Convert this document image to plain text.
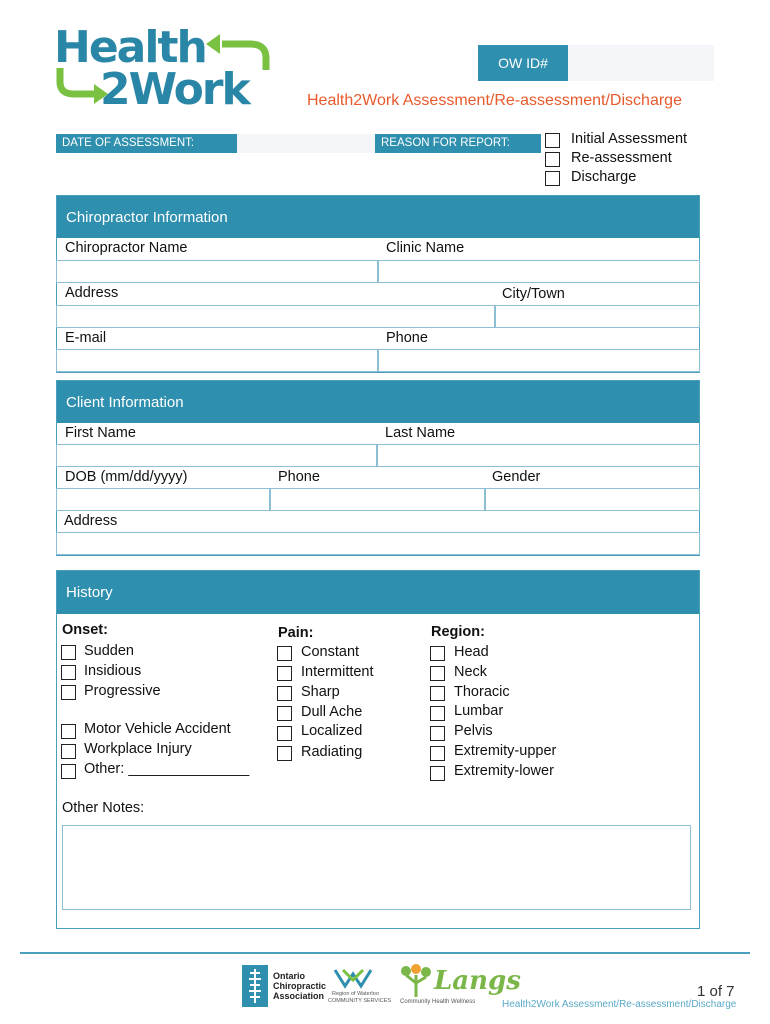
Health
2Work
OW ID#
Health2Work Assessment/Re-assessment/Discharge
DATE OF ASSESSMENT:	REASON FOR REPORT:	Initial Assessment
Re-assessment
Discharge
Chiropractor Information
Chiropractor Name	Clinic Name
Address	City/Town
E-mail	Phone
Client Information
First Name	Last Name
DOB (mm/dd/yyyy)	Phone	Gender
Address
History
Onset:
Sudden
Insidious
Progressive
Motor Vehicle Accident
Workplace Injury
Other: _______________
Pain:
Constant
Intermittent
Sharp
Dull Ache
Localized
Radiating
Region:
Head
Neck
Thoracic
Lumbar
Pelvis
Extremity-upper
Extremity-lower
Other Notes:
Ontario
Chiropractic
Association	Region of Waterloo
COMMUNITY SERVICES
Langs
Community Health Wellness
1 of 7
Health2Work Assessment/Re-assessment/Discharge
